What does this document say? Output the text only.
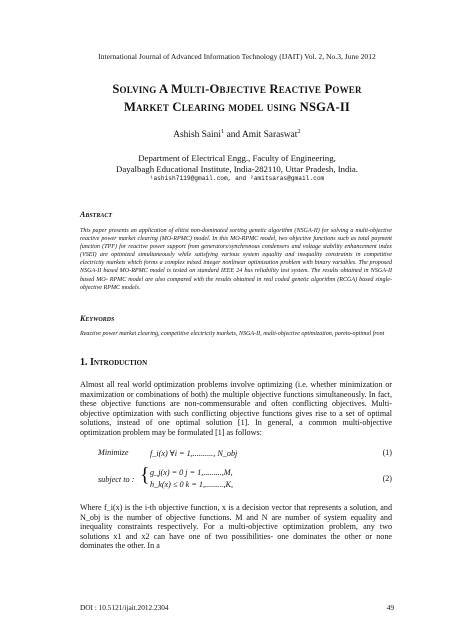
International Journal of Advanced Information Technology (IJAIT) Vol. 2, No.3, June 2012
Solving A Multi-Objective Reactive Power
Market Clearing model using NSGA-II
Ashish Saini$^1$ and Amit Saraswat$^2$
Department of Electrical Engg., Faculty of Engineering,
Dayalbagh Educational Institute, India-282110, Uttar Pradesh, India.
¹ashish7119@gmail.com, and ²amitsaras@gmail.com
Abstract
This paper presents an application of elitist non-dominated sorting genetic algorithm (NSGA-II) for solving a multi-objective reactive power market clearing (MO-RPMC) model. In this MO-RPMC model, two objective functions such as total payment function (TPF) for reactive power support from generators/synchronous condensers and voltage stability enhancement index (VSEI) are optimized simultaneously while satisfying various system equality and inequality constraints in competitive electricity markets which forms a complex mixed integer nonlinear optimization problem with binary variables. The proposed NSGA-II based MO-RPMC model is tested on standard IEEE 24 bus reliability test system. The results obtained in NSGA-II based MO- RPMC model are also compared with the results obtained in real coded genetic algorithm (RCGA) based single-objective RPMC models.
Keywords
Reactive power market clearing, competitive electricity markets, NSGA-II, multi-objective optimization, pareto-optimal front
1. Introduction
Almost all real world optimization problems involve optimizing (i.e. whether minimization or maximization or combinations of both) the multiple objective functions simultaneously. In fact, these objective functions are non-commensurable and often conflicting objectives. Multi-objective optimization with such conflicting objective functions gives rise to a set of optimal solutions, instead of one optimal solution [1]. In general, a common multi-objective optimization problem may be formulated [1] as follows:
Minimize	f_i(x) ∀i = 1,.........., N_obj	(1)
subject to : { g_j(x) = 0 j = 1,.........,M,
h_k(x) ≤ 0 k = 1,.........,K,
(2)
Where f_i(x) is the i-th objective function, x is a decision vector that represents a solution, and N_obj is the number of objective functions. M and N are number of system equality and inequality constraints respectively. For a multi-objective optimization problem, any two solutions x1 and x2 can have one of two possibilities- one dominates the other or none dominates the other. In a
DOI : 10.5121/ijait.2012.2304	49
